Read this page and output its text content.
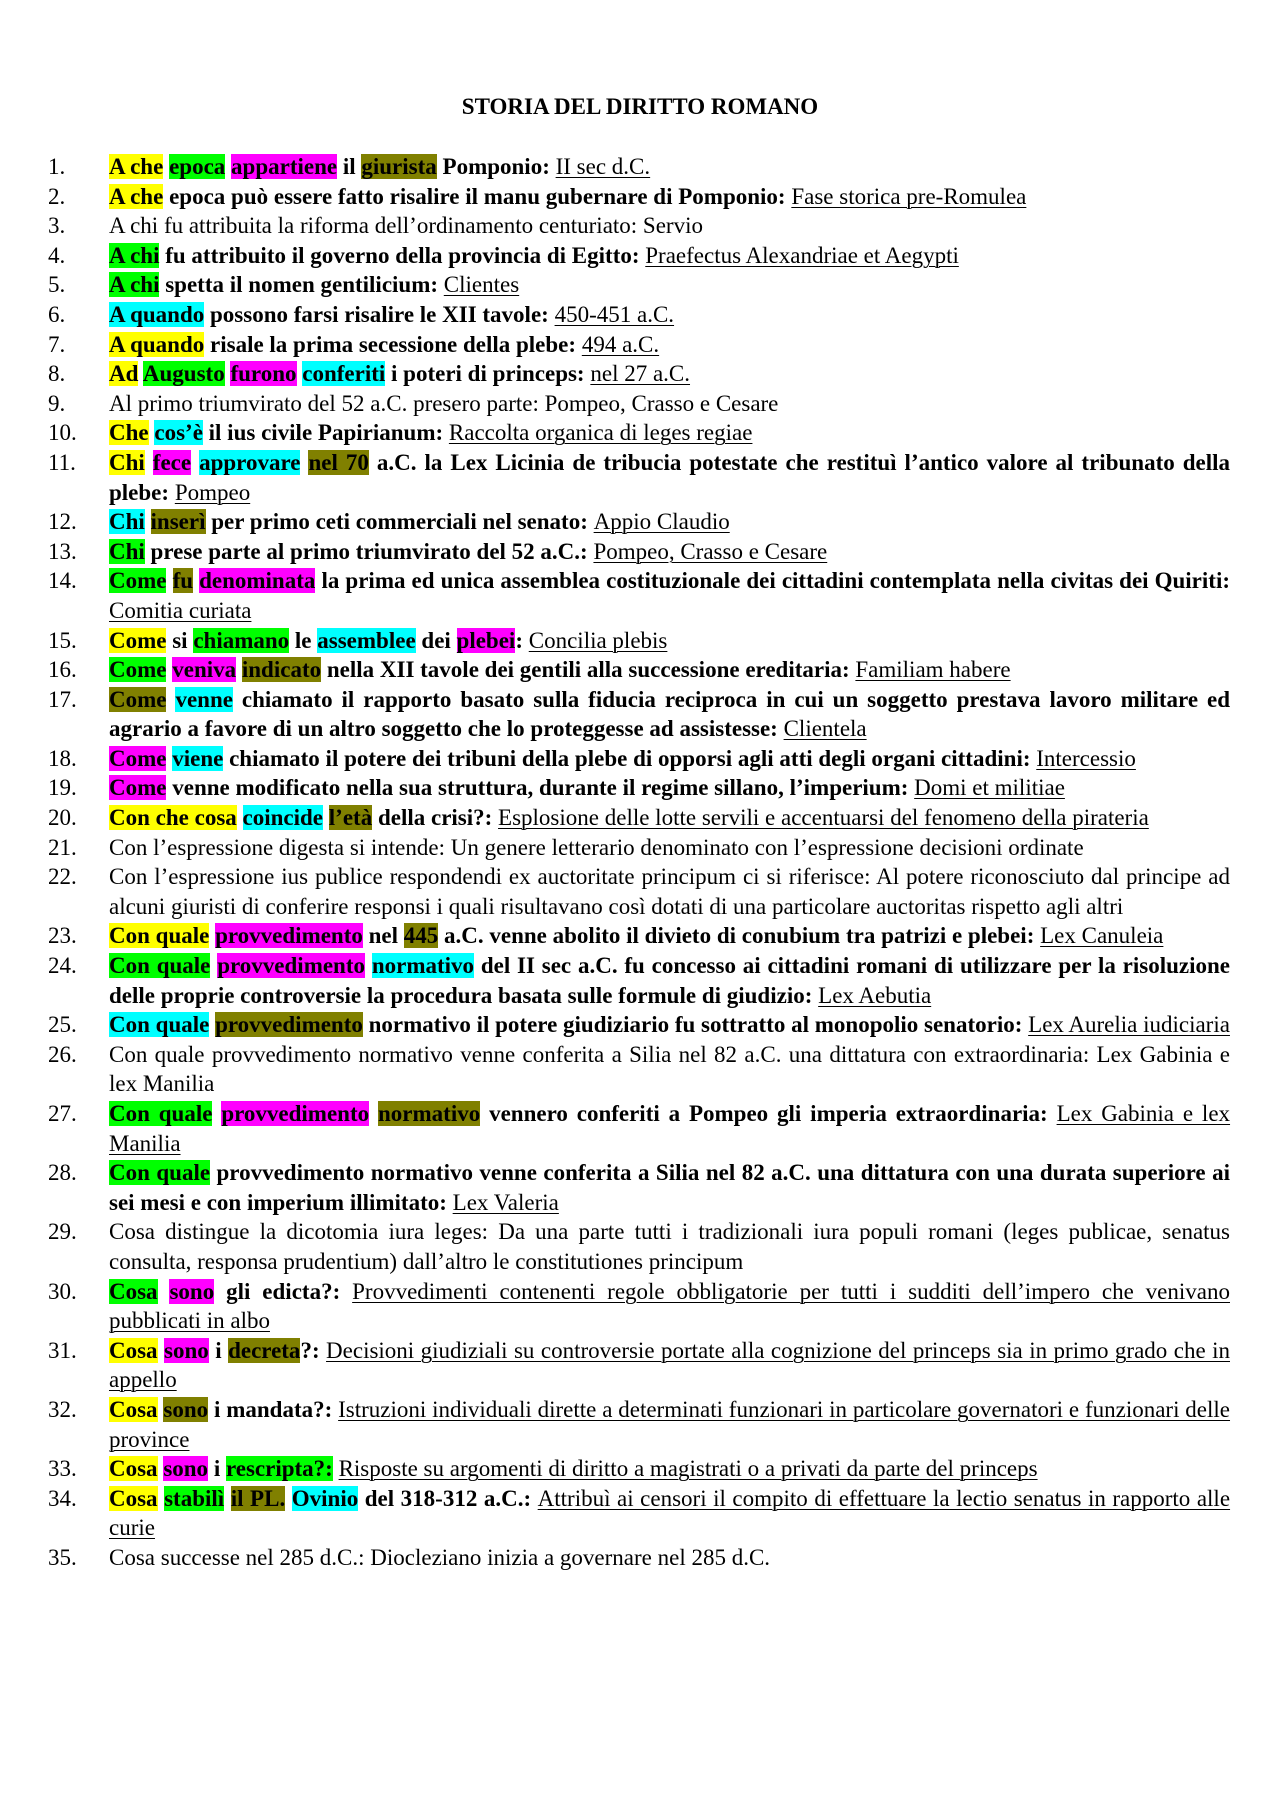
STORIA DEL DIRITTO ROMANO
1.	A che epoca appartiene il giurista Pomponio: II sec d.C.
2.	A che epoca può essere fatto risalire il manu gubernare di Pomponio: Fase storica pre-Romulea
3.	A chi fu attribuita la riforma dell’ordinamento centuriato: Servio
4.	A chi fu attribuito il governo della provincia di Egitto: Praefectus Alexandriae et Aegypti
5.	A chi spetta il nomen gentilicium: Clientes
6.	A quando possono farsi risalire le XII tavole: 450-451 a.C.
7.	A quando risale la prima secessione della plebe: 494 a.C.
8.	Ad Augusto furono conferiti i poteri di princeps: nel 27 a.C.
9.	Al primo triumvirato del 52 a.C. presero parte: Pompeo, Crasso e Cesare
10.	Che cos’è il ius civile Papirianum: Raccolta organica di leges regiae
11.	Chi fece approvare nel 70 a.C. la Lex Licinia de tribucia potestate che restituì l’antico valore al tribunato della plebe: Pompeo
12.	Chi inserì per primo ceti commerciali nel senato: Appio Claudio
13.	Chi prese parte al primo triumvirato del 52 a.C.: Pompeo, Crasso e Cesare
14.	Come fu denominata la prima ed unica assemblea costituzionale dei cittadini contemplata nella civitas dei Quiriti: Comitia curiata
15.	Come si chiamano le assemblee dei plebei: Concilia plebis
16.	Come veniva indicato nella XII tavole dei gentili alla successione ereditaria: Familiam habere
17.	Come venne chiamato il rapporto basato sulla fiducia reciproca in cui un soggetto prestava lavoro militare ed agrario a favore di un altro soggetto che lo proteggesse ad assistesse: Clientela
18.	Come viene chiamato il potere dei tribuni della plebe di opporsi agli atti degli organi cittadini: Intercessio
19.	Come venne modificato nella sua struttura, durante il regime sillano, l’imperium: Domi et militiae
20.	Con che cosa coincide l’età della crisi?: Esplosione delle lotte servili e accentuarsi del fenomeno della pirateria
21.	Con l’espressione digesta si intende: Un genere letterario denominato con l’espressione decisioni ordinate
22.	Con l’espressione ius publice respondendi ex auctoritate principum ci si riferisce: Al potere riconosciuto dal principe ad alcuni giuristi di conferire responsi i quali risultavano così dotati di una particolare auctoritas rispetto agli altri
23.	Con quale provvedimento nel 445 a.C. venne abolito il divieto di conubium tra patrizi e plebei: Lex Canuleia
24.	Con quale provvedimento normativo del II sec a.C. fu concesso ai cittadini romani di utilizzare per la risoluzione delle proprie controversie la procedura basata sulle formule di giudizio: Lex Aebutia
25.	Con quale provvedimento normativo il potere giudiziario fu sottratto al monopolio senatorio: Lex Aurelia iudiciaria
26.	Con quale provvedimento normativo venne conferita a Silia nel 82 a.C. una dittatura con extraordinaria: Lex Gabinia e lex Manilia
27.	Con quale provvedimento normativo vennero conferiti a Pompeo gli imperia extraordinaria: Lex Gabinia e lex Manilia
28.	Con quale provvedimento normativo venne conferita a Silia nel 82 a.C. una dittatura con una durata superiore ai sei mesi e con imperium illimitato: Lex Valeria
29.	Cosa distingue la dicotomia iura leges: Da una parte tutti i tradizionali iura populi romani (leges publicae, senatus consulta, responsa prudentium) dall’altro le constitutiones principum
30.	Cosa sono gli edicta?: Provvedimenti contenenti regole obbligatorie per tutti i sudditi dell’impero che venivano pubblicati in albo
31.	Cosa sono i decreta?: Decisioni giudiziali su controversie portate alla cognizione del princeps sia in primo grado che in appello
32.	Cosa sono i mandata?: Istruzioni individuali dirette a determinati funzionari in particolare governatori e funzionari delle province
33.	Cosa sono i rescripta?: Risposte su argomenti di diritto a magistrati o a privati da parte del princeps
34.	Cosa stabilì il PL. Ovinio del 318-312 a.C.: Attribuì ai censori il compito di effettuare la lectio senatus in rapporto alle curie
35.	Cosa successe nel 285 d.C.: Diocleziano inizia a governare nel 285 d.C.
